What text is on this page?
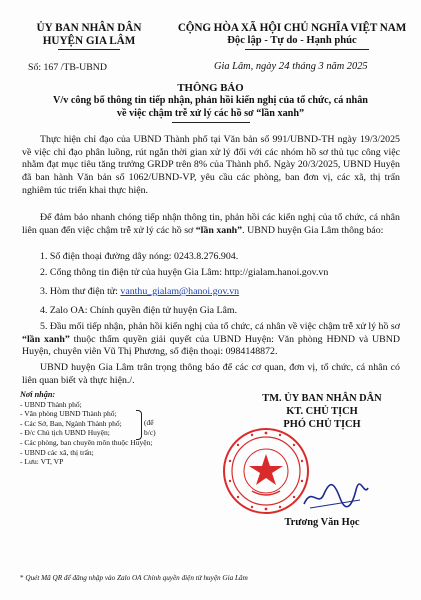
ỦY BAN NHÂN DÂN
HUYỆN GIA LÂM
Số: 167 /TB-UBND
CỘNG HÒA XÃ HỘI CHỦ NGHĨA VIỆT NAM
Độc lập - Tự do - Hạnh phúc
Gia Lâm, ngày 24 tháng 3 năm 2025
THÔNG BÁO
V/v công bố thông tin tiếp nhận, phản hồi kiến nghị của tổ chức, cá nhân
về việc chậm trễ xử lý các hồ sơ “lần xanh”
Thực hiện chỉ đạo của UBND Thành phố tại Văn bản số 991/UBND-TH ngày 19/3/2025 về việc chỉ đạo phân luồng, rút ngắn thời gian xử lý đối với các nhóm hồ sơ thủ tục công việc nhằm đạt mục tiêu tăng trưởng GRDP trên 8% của Thành phố. Ngày 20/3/2025, UBND Huyện đã ban hành Văn bản số 1062/UBND-VP, yêu cầu các phòng, ban đơn vị, các xã, thị trấn nghiêm túc triển khai thực hiện.
Để đảm bảo nhanh chóng tiếp nhận thông tin, phản hồi các kiến nghị của tổ chức, cá nhân liên quan đến việc chậm trễ xử lý các hồ sơ “lần xanh”. UBND huyện Gia Lâm thông báo:
1. Số điện thoại đường dây nóng: 0243.8.276.904.
2. Cổng thông tin điện tử của huyện Gia Lâm: http://gialam.hanoi.gov.vn
3. Hòm thư điện tử: vanthu_gialam@hanoi.gov.vn
4. Zalo OA: Chính quyền điện tử huyện Gia Lâm.
5. Đầu mối tiếp nhận, phản hồi kiến nghị của tổ chức, cá nhân về việc chậm trễ xử lý hồ sơ “lần xanh” thuộc thẩm quyền giải quyết của UBND Huyện: Văn phòng HĐND và UBND Huyện, chuyên viên Vũ Thị Phương, số điện thoại: 0984148872.
UBND huyện Gia Lâm trân trọng thông báo để các cơ quan, đơn vị, tổ chức, cá nhân có liên quan biết và thực hiện./.
Nơi nhận:
- UBND Thành phố;
- Văn phòng UBND Thành phố;
- Các Sở, Ban, Ngành Thành phố;
- Đ/c Chủ tịch UBND Huyện;
- Các phòng, ban chuyên môn thuộc Huyện;
- UBND các xã, thị trấn;
- Lưu: VT, VP
(để
b/c)
TM. ỦY BAN NHÂN DÂN
KT. CHỦ TỊCH
PHÓ CHỦ TỊCH
Trương Văn Học
* Quét Mã QR để đăng nhập vào Zalo OA Chính quyền điện tử huyện Gia Lâm
